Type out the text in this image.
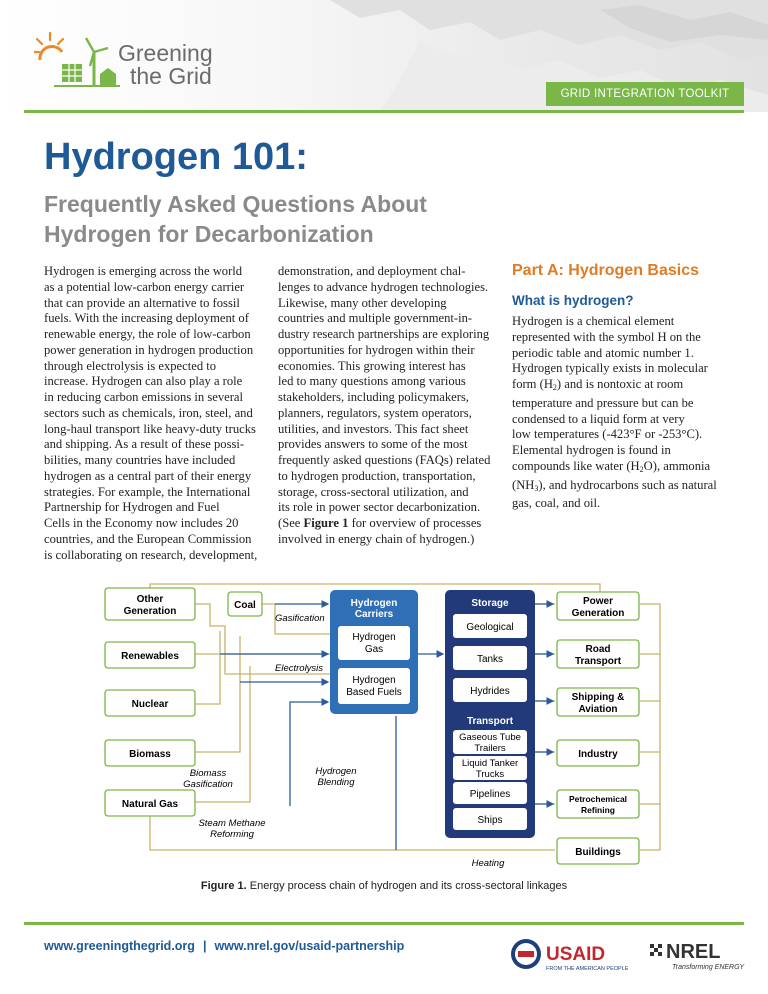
Greening
the Grid
GRID INTEGRATION TOOLKIT
Hydrogen 101:
Frequently Asked Questions About
Hydrogen for Decarbonization
Hydrogen is emerging across the world
as a potential low-carbon energy carrier
that can provide an alternative to fossil
fuels. With the increasing deployment of
renewable energy, the role of low-carbon
power generation in hydrogen production
through electrolysis is expected to
increase. Hydrogen can also play a role
in reducing carbon emissions in several
sectors such as chemicals, iron, steel, and
long-haul transport like heavy-duty trucks
and shipping. As a result of these possi-
bilities, many countries have included
hydrogen as a central part of their energy
strategies. For example, the International
Partnership for Hydrogen and Fuel
Cells in the Economy now includes 20
countries, and the European Commission
is collaborating on research, development,
demonstration, and deployment chal-
lenges to advance hydrogen technologies.
Likewise, many other developing
countries and multiple government-in-
dustry research partnerships are exploring
opportunities for hydrogen within their
economies. This growing interest has
led to many questions among various
stakeholders, including policymakers,
planners, regulators, system operators,
utilities, and investors. This fact sheet
provides answers to some of the most
frequently asked questions (FAQs) related
to hydrogen production, transportation,
storage, cross-sectoral utilization, and
its role in power sector decarbonization.
(See Figure 1 for overview of processes
involved in energy chain of hydrogen.)
Part A: Hydrogen Basics
What is hydrogen?
Hydrogen is a chemical element
represented with the symbol H on the
periodic table and atomic number 1.
Hydrogen typically exists in molecular
form $(H_2)$ and is nontoxic at room
temperature and pressure but can be
condensed to a liquid form at very
low temperatures (-423°F or -253°C).
Elemental hydrogen is found in
compounds like water $(H_2O)$, ammonia
$(NH_3)$, and hydrocarbons such as natural
gas, coal, and oil.
Other
Generation
Coal
Renewables
Nuclear
Biomass
Natural Gas
Gasification
Electrolysis
Biomass
Gasification
Hydrogen
Blending
Steam Methane
Reforming
Heating
Hydrogen
Carriers
Hydrogen
Gas
Hydrogen
Based Fuels
Storage
Geological
Tanks
Hydrides
Transport
Gaseous Tube
Trailers
Liquid Tanker
Trucks
Pipelines
Ships
Power
Generation
Road
Transport
Shipping &
Aviation
Industry
Petrochemical
Refining
Buildings
Figure 1. Energy process chain of hydrogen and its cross-sectoral linkages
www.greeningthegrid.org | www.nrel.gov/usaid-partnership	USAID
FROM THE AMERICAN PEOPLE
NREL
Transforming ENERGY
